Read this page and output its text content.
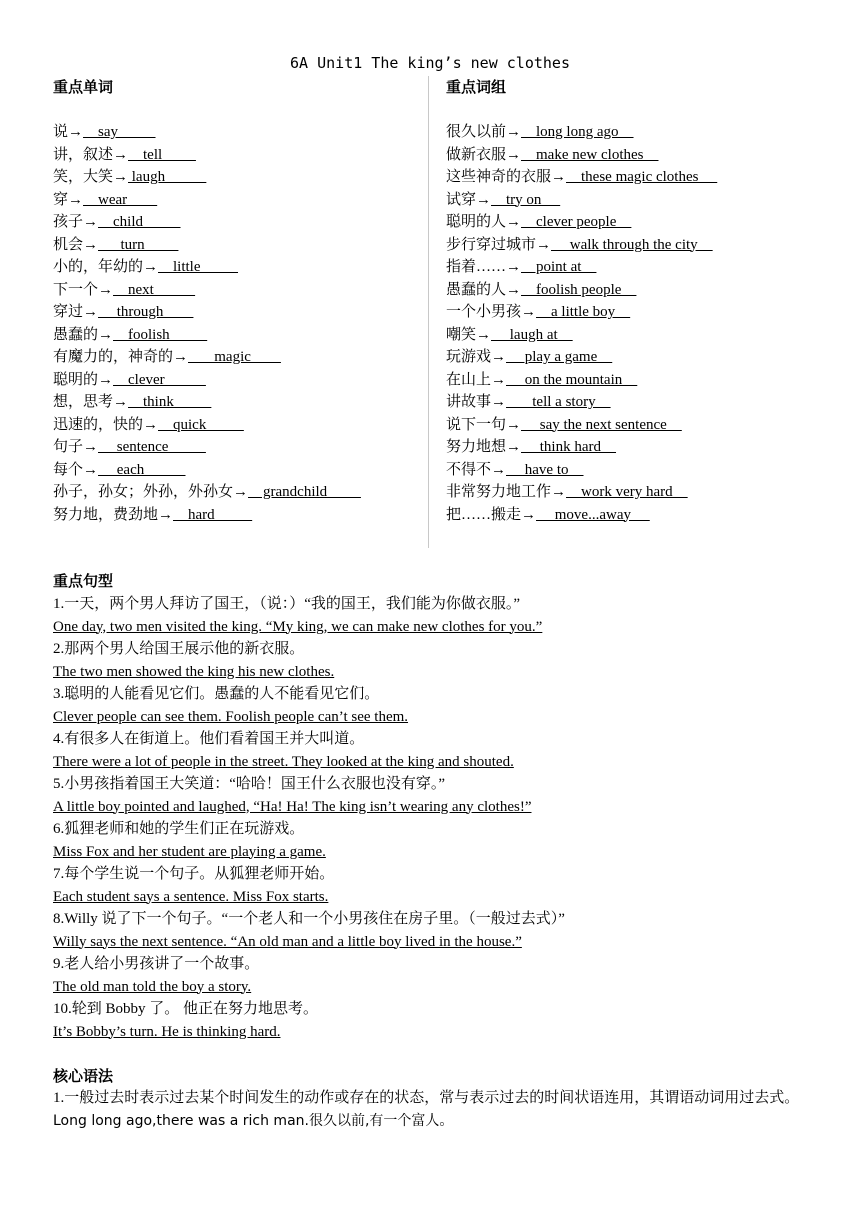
6A Unit1 The king’s new clothes
重点单词	重点词组
说→    say
讲，叙述→    tell
笑，大笑→ laugh
穿→    wear
孩子→    child
机会→      turn
小的，年幼的→    little
下一个→    next
穿过→     through
愚蠢的→    foolish
有魔力的，神奇的→       magic
聪明的→    clever
想，思考→    think
迅速的，快的→    quick
句子→     sentence
每个→     each
孙子，孙女；外孙，外孙女→    grandchild
努力地，费劲地→    hard
很久以前→    long long ago
做新衣服→    make new clothes
这些神奇的衣服→    these magic clothes
试穿→    try on
聪明的人→    clever people
步行穿过城市→     walk through the city
指着……→    point at
愚蠢的人→    foolish people
一个小男孩→    a little boy
嘲笑→     laugh at
玩游戏→     play a game
在山上→     on the mountain
讲故事→       tell a story
说下一句→     say the next sentence
努力地想→     think hard
不得不→     have to
非常努力地工作→    work very hard
把……搬走→     move...away
重点句型
1.一天，两个男人拜访了国王，（说：）“我的国王，我们能为你做衣服。”
One day, two men visited the king. “My king, we can make new clothes for you.”
2.那两个男人给国王展示他的新衣服。
The two men showed the king his new clothes.
3.聪明的人能看见它们。愚蠢的人不能看见它们。
Clever people can see them. Foolish people can’t see them.
4.有很多人在街道上。他们看着国王并大叫道。
There were a lot of people in the street. They looked at the king and shouted.
5.小男孩指着国王大笑道：“哈哈！国王什么衣服也没有穿。”
A little boy pointed and laughed, “Ha! Ha! The king isn’t wearing any clothes!”
6.狐狸老师和她的学生们正在玩游戏。
Miss Fox and her student are playing a game.
7.每个学生说一个句子。从狐狸老师开始。
Each student says a sentence. Miss Fox starts.
8.Willy 说了下一个句子。“一个老人和一个小男孩住在房子里。（一般过去式）”
Willy says the next sentence. “An old man and a little boy lived in the house.”
9.老人给小男孩讲了一个故事。
The old man told the boy a story.
10.轮到 Bobby 了。 他正在努力地思考。
It’s Bobby’s turn. He is thinking hard.
核心语法
1.一般过去时表示过去某个时间发生的动作或存在的状态，常与表示过去的时间状语连用，其谓语动词用过去式。
Long long ago,there was a rich man.很久以前,有一个富人。
